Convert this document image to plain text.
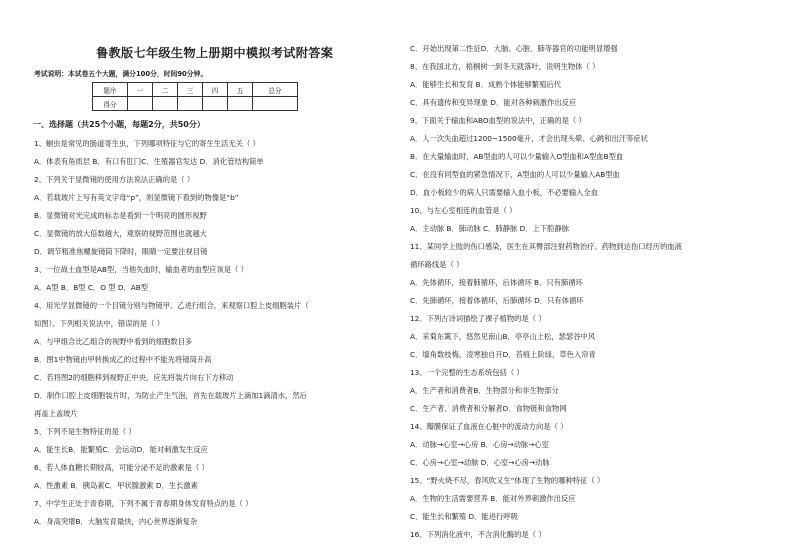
鲁教版七年级生物上册期中模拟考试附答案
考试说明：本试卷五个大题，满分100分，时间90分钟。
题序	一	二	三	四	五	总分
得分						
一、选择题（共25个小题，每题2分，共50分）
1、蛔虫是常见的肠道寄生虫，下列哪项特征与它的寄生生活无关（ ）
A．体表有角质层 B．有口有肛门C．生殖器官发达 D．消化管结构简单
2、下列关于显微镜的使用方法说法正确的是（ ）
A．若载玻片上写有英文字母“p”，则显微镜下看到的物像是“b”
B．显微镜对光完成的标志是看到一个明亮的圆形视野
C．显微镜的放大倍数越大，观察的视野范围也就越大
D．调节粗准焦螺旋镜筒下降时，眼睛一定要注视目镜
3、一位战士血型是AB型，当他失血时，输血者的血型应该是（ ）
A．A型 B．B型 C．O 型 D．AB型
4、用光学显微镜的一个目镜分别与物镜甲、乙进行组合，来观察口腔上皮细胞装片（
如图）。下列相关说法中，错误的是（ ）
A．与甲组合比乙组合的视野中看到的细胞数目多
B．图1中物镜由甲转换成乙的过程中不能先将镜筒升高
C．若将图2的细胞移到视野正中央，应先将装片向右下方移动
D．制作口腔上皮细胞装片时，为防止产生气泡，首先在载玻片上滴加1滴清水，然后
再盖上盖玻片
5、下列不是生物特征的是（ ）
A．能生长B．能繁殖C．会运动D．能对刺激发生反应
6、若人体血糖长期较高，可能分泌不足的激素是（ ）
A．性激素 B．胰岛素C．甲状腺激素 D．生长激素
7、中学生正处于青春期，下列不属于青春期身体发育特点的是（ ）
A．身高突增B．大脑发育最快，内心世界逐渐复杂
C．开始出现第二性征D．大脑、心脏、肺等器官的功能明显增强
8、在我国北方，梧桐树一到冬天就落叶，说明生物体（ ）
A．能够生长和发育 B．成熟个体能够繁殖后代
C．具有遗传和变异现象 D．能对各种刺激作出反应
9、下面关于输血和ABO血型的说法中，正确的是（ ）
A．人一次失血超过1200~1500毫升，才会出现头晕、心跳和出汗等症状
B．在大量输血时，AB型血的人可以少量输入O型血和A型血B型血
C．在没有同型血的紧急情况下，A型血的人可以少量输入AB型血
D．血小板较少的病人只需要输入血小板，不必要输入全血
10、与左心室相连的血管是（ ）
A．主动脉 B．肺动脉 C．肺静脉 D．上下腔静脉
11、某同学上肢的伤口感染，医生在其臀部注射药物治疗。药物到达伤口经历的血液
循环路线是（ ）
A．先体循环，接着肺循环，后体循环 B．只有肺循环
C．先肺循环，接着体循环，后肺循环 D．只有体循环
12、下列古诗词描绘了裸子植物的是（ ）
A．采菊东篱下，悠然见南山B．亭亭山上松，瑟瑟谷中风
C．墙角数枝梅，凌寒独自开D．苔痕上阶绿，草色入帘青
13、一个完整的生态系统包括（ ）
A．生产者和消费者B．生物部分和非生物部分
C．生产者、消费者和分解者D．食物链和食物网
14、瓣膜保证了血液在心脏中的流动方向是（ ）
A．动脉→心室→心房 B．心房→动脉→心室
C．心房→心室→动脉 D．心室→心房→动脉
15、“野火烧不尽，春风吹又生”体现了生物的哪种特征（ ）
A．生物的生活需要营养 B．能对外界刺激作出反应
C．能生长和繁殖 D．能进行呼吸
16、下列消化液中，不含消化酶的是（ ）
